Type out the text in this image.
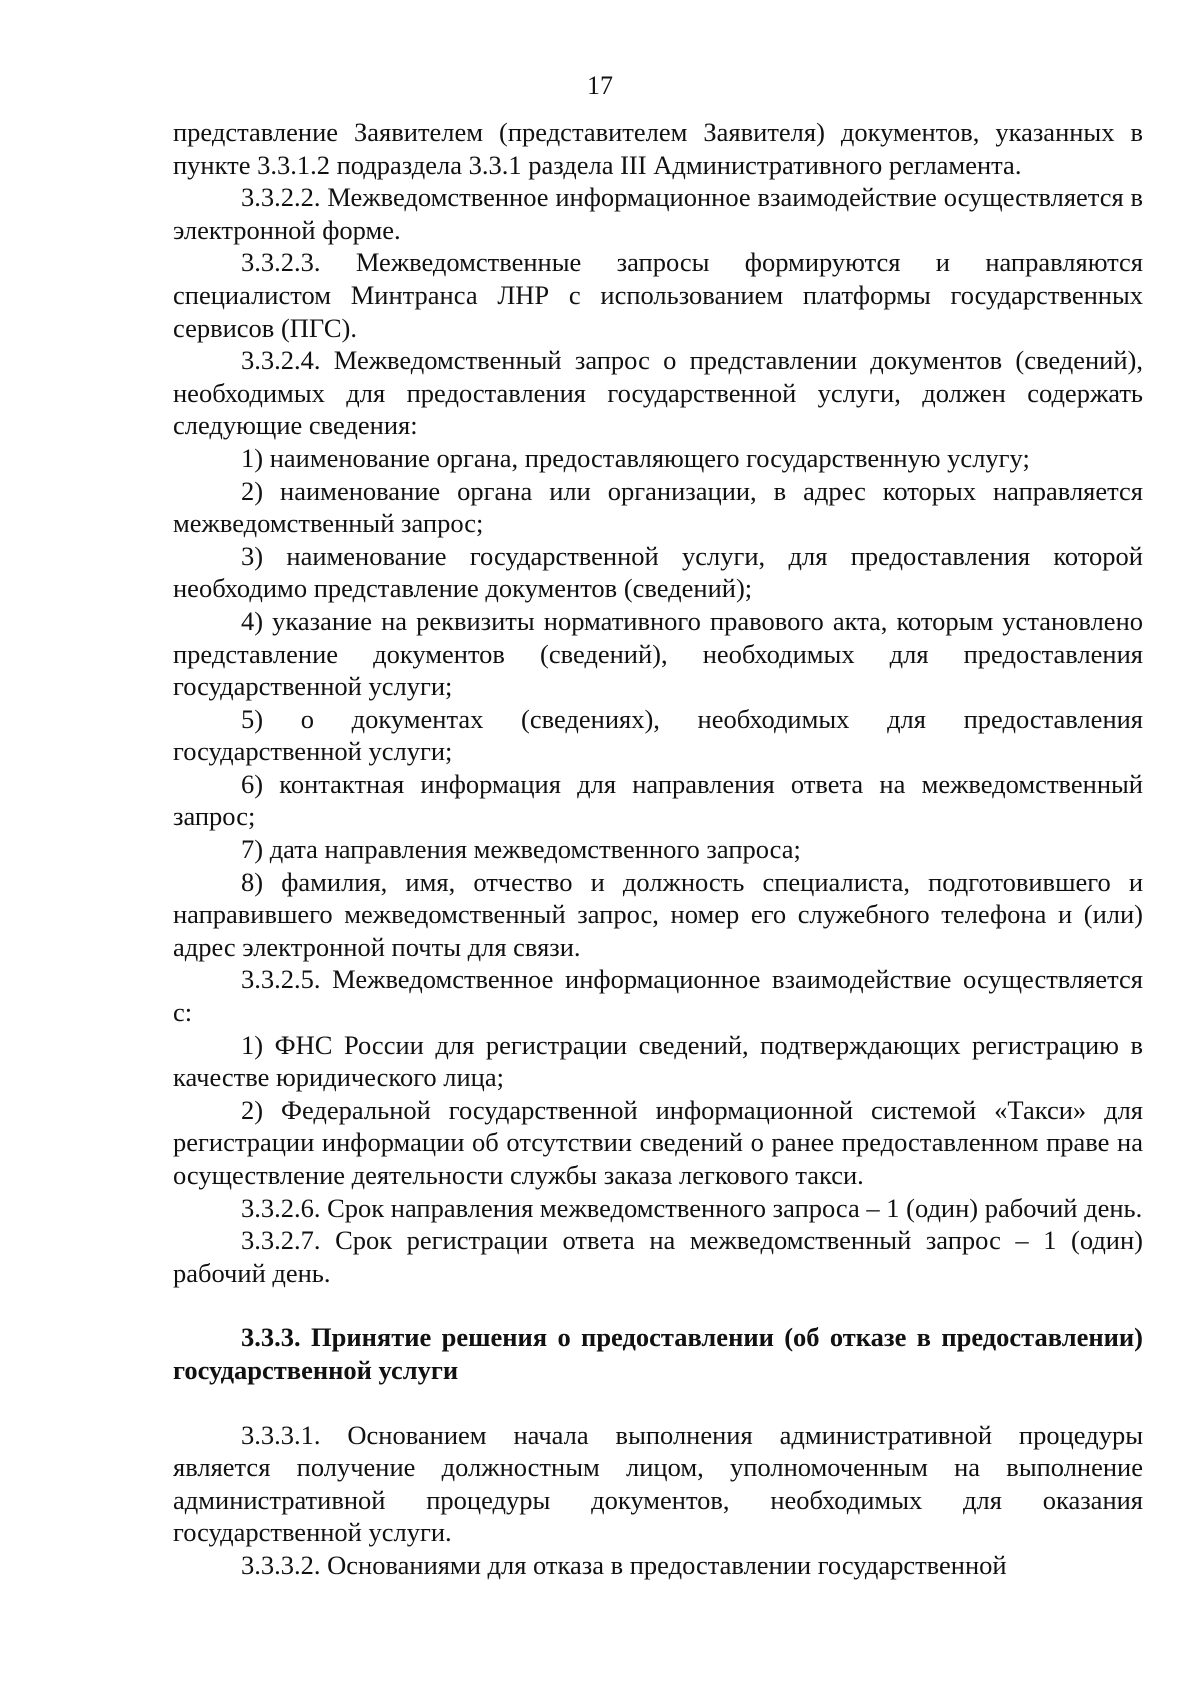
17

представление Заявителем (представителем Заявителя) документов, указанных в пункте 3.3.1.2 подраздела 3.3.1 раздела III Административного регламента.

3.3.2.2. Межведомственное информационное взаимодействие осуществляется в электронной форме.

3.3.2.3. Межведомственные запросы формируются и направляются специалистом Минтранса ЛНР с использованием платформы государственных сервисов (ПГС).

3.3.2.4. Межведомственный запрос о представлении документов (сведений), необходимых для предоставления государственной услуги, должен содержать следующие сведения:

1) наименование органа, предоставляющего государственную услугу;

2) наименование органа или организации, в адрес которых направляется межведомственный запрос;

3) наименование государственной услуги, для предоставления которой необходимо представление документов (сведений);

4) указание на реквизиты нормативного правового акта, которым установлено представление документов (сведений), необходимых для предоставления государственной услуги;

5) о документах (сведениях), необходимых для предоставления государственной услуги;

6) контактная информация для направления ответа на межведомственный запрос;

7) дата направления межведомственного запроса;

8) фамилия, имя, отчество и должность специалиста, подготовившего и направившего межведомственный запрос, номер его служебного телефона и (или) адрес электронной почты для связи.

3.3.2.5. Межведомственное информационное взаимодействие осуществляется с:

1) ФНС России для регистрации сведений, подтверждающих регистрацию в качестве юридического лица;

2) Федеральной государственной информационной системой «Такси» для регистрации информации об отсутствии сведений о ранее предоставленном праве на осуществление деятельности службы заказа легкового такси.

3.3.2.6. Срок направления межведомственного запроса – 1 (один) рабочий день.

3.3.2.7. Срок регистрации ответа на межведомственный запрос – 1 (один) рабочий день.

3.3.3. Принятие решения о предоставлении (об отказе в предоставлении) государственной услуги

3.3.3.1. Основанием начала выполнения административной процедуры является получение должностным лицом, уполномоченным на выполнение административной процедуры документов, необходимых для оказания государственной услуги.

3.3.3.2. Основаниями для отказа в предоставлении государственной
